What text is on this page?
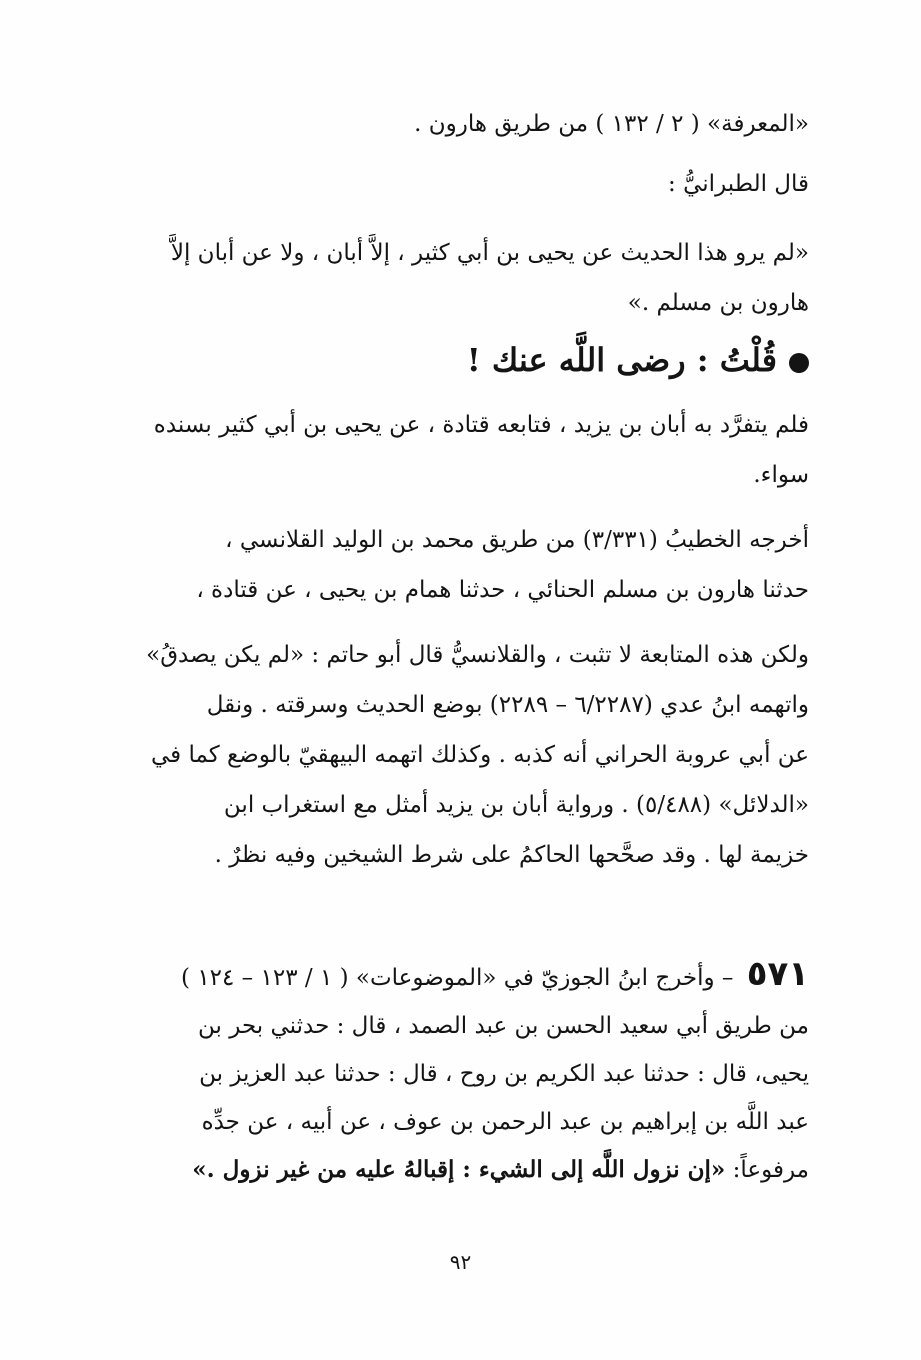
«المعرفة» ( ٢ / ١٣٢ ) من طريق هارون .
قال الطبرانيُّ :
«لم يرو هذا الحديث عن يحيى بن أبي كثير ، إلاَّ أبان ، ولا عن أبان إلاَّ
هارون بن مسلم .»
قُلْتُ : رضى اللَّه عنك !
فلم يتفرَّد به أبان بن يزيد ، فتابعه قتادة ، عن يحيى بن أبي كثير بسنده
سواء.
أخرجه الخطيبُ (٣/٣٣١) من طريق محمد بن الوليد القلانسي ،
حدثنا هارون بن مسلم الحنائي ، حدثنا همام بن يحيى ، عن قتادة ،
ولكن هذه المتابعة لا تثبت ، والقلانسيُّ قال أبو حاتم : «لم يكن يصدقُ»
واتهمه ابنُ عدي (٦/٢٢٨٧ – ٢٢٨٩) بوضع الحديث وسرقته . ونقل
عن أبي عروبة الحراني أنه كذبه . وكذلك اتهمه البيهقيّ بالوضع كما في
«الدلائل» (٥/٤٨٨) . ورواية أبان بن يزيد أمثل مع استغراب ابن
خزيمة لها . وقد صحَّحها الحاكمُ على شرط الشيخين وفيه نظرٌ .
٥٧١ – وأخرج ابنُ الجوزيّ في «الموضوعات» ( ١ / ١٢٣ – ١٢٤ )
من طريق أبي سعيد الحسن بن عبد الصمد ، قال : حدثني بحر بن
يحيى، قال : حدثنا عبد الكريم بن روح ، قال : حدثنا عبد العزيز بن
عبد اللَّه بن إبراهيم بن عبد الرحمن بن عوف ، عن أبيه ، عن جدِّه
مرفوعاً: «إن نزول اللَّه إلى الشيء : إقبالهُ عليه من غير نزول .»
٩٢
